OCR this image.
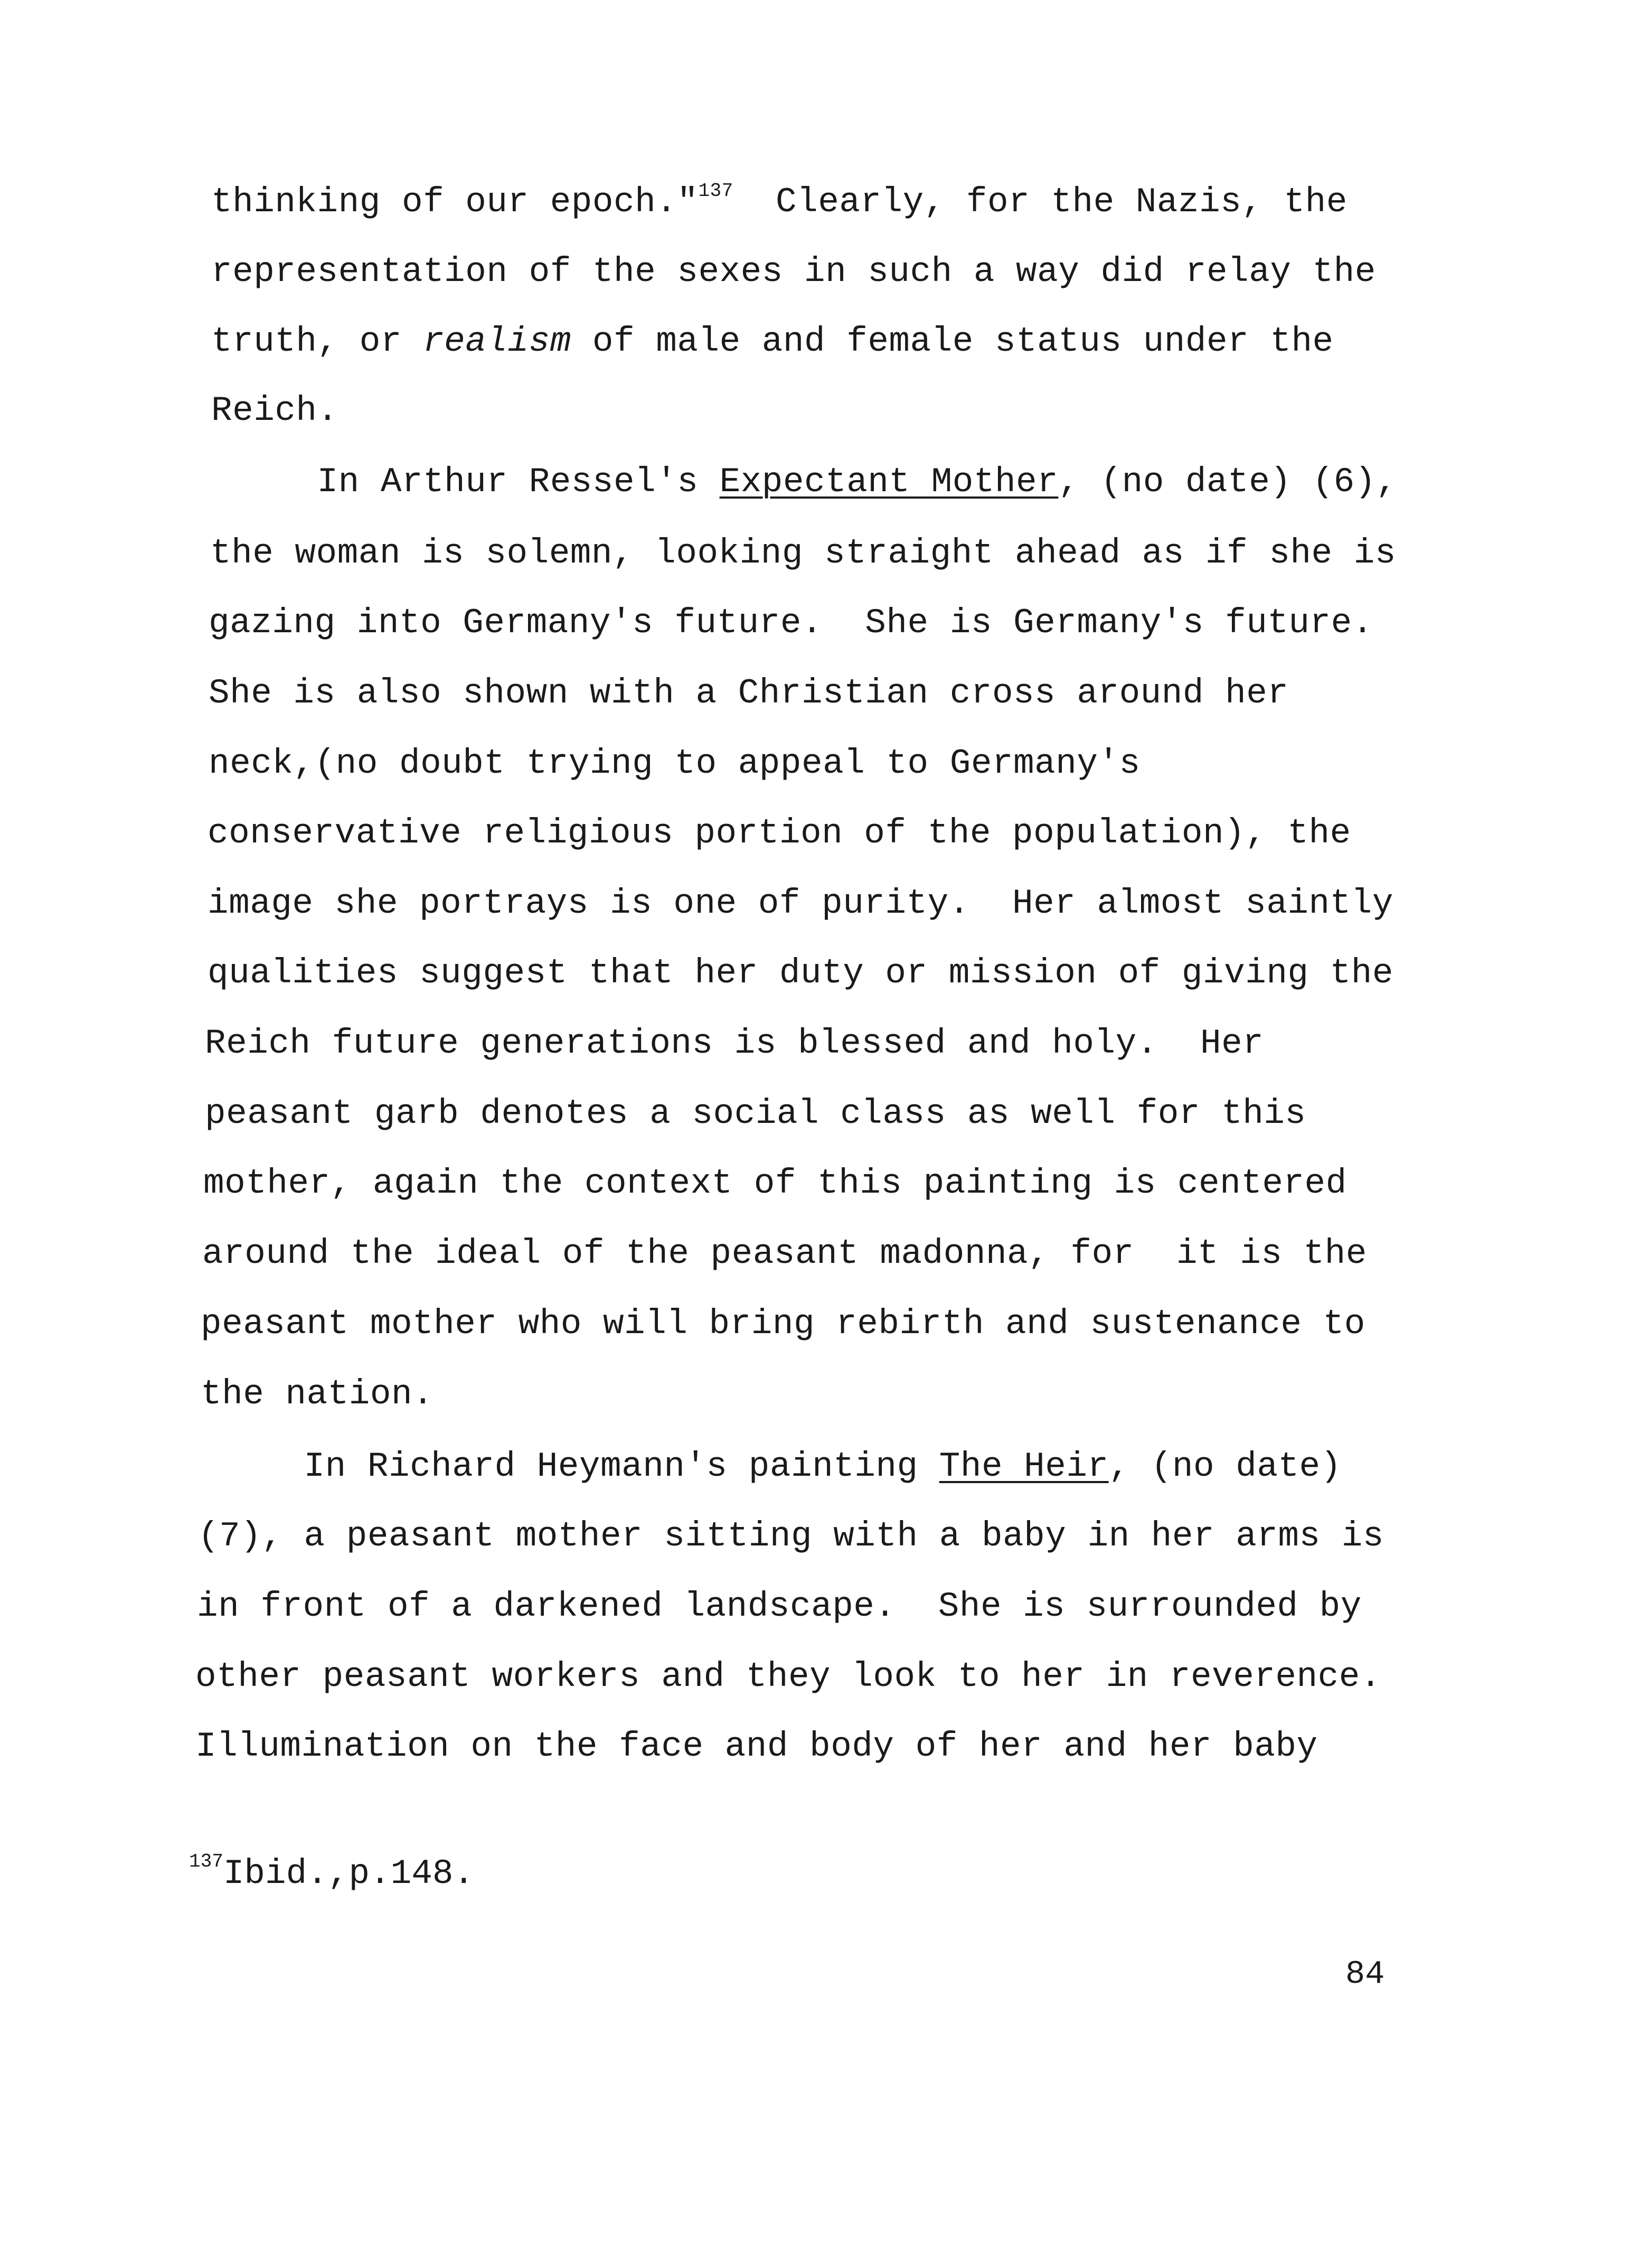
thinking of our epoch."$^{137}$  Clearly, for the Nazis, the
representation of the sexes in such a way did relay the
truth, or realism of male and female status under the
Reich.
In Arthur Ressel's Expectant Mother, (no date) (6),
the woman is solemn, looking straight ahead as if she is
gazing into Germany's future.  She is Germany's future.
She is also shown with a Christian cross around her
neck,(no doubt trying to appeal to Germany's
conservative religious portion of the population), the
image she portrays is one of purity.  Her almost saintly
qualities suggest that her duty or mission of giving the
Reich future generations is blessed and holy.  Her
peasant garb denotes a social class as well for this
mother, again the context of this painting is centered
around the ideal of the peasant madonna, for  it is the
peasant mother who will bring rebirth and sustenance to
the nation.
In Richard Heymann's painting The Heir, (no date)
(7), a peasant mother sitting with a baby in her arms is
in front of a darkened landscape.  She is surrounded by
other peasant workers and they look to her in reverence.
Illumination on the face and body of her and her baby
$^{137}$Ibid.,p.148.
84
